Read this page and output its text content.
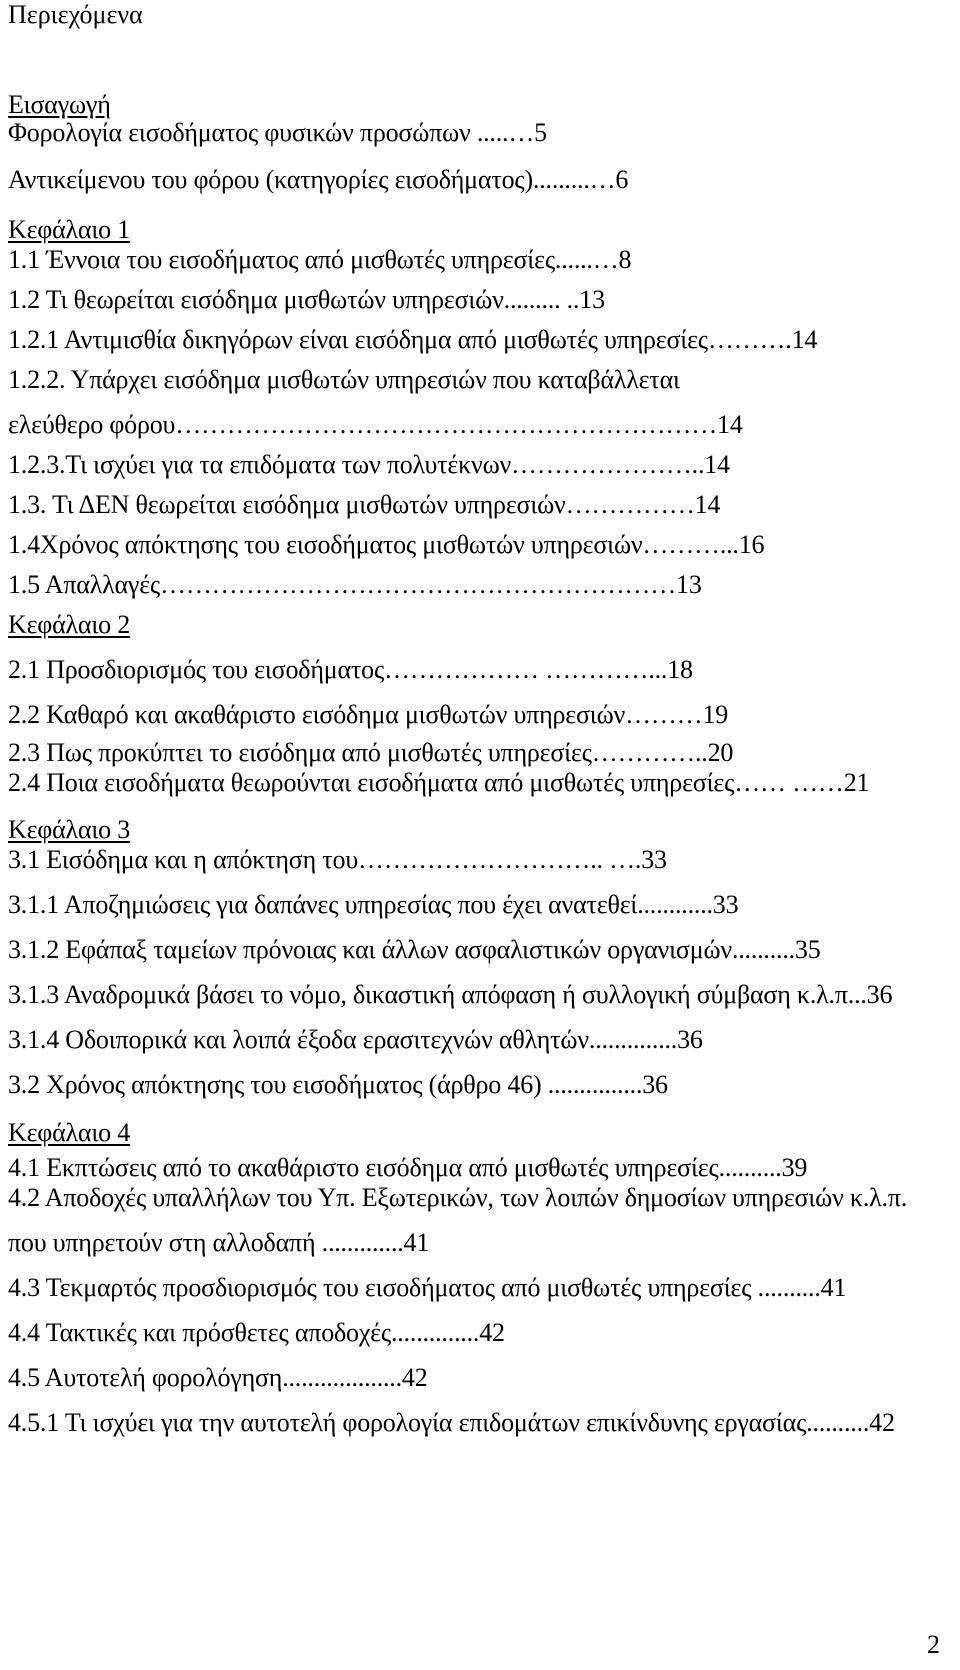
Περιεχόμενα
Εισαγωγή
Φορολογία εισοδήματος φυσικών προσώπων .....…5
Αντικείμενου του φόρου (κατηγορίες εισοδήματος).........…6
Κεφάλαιο 1
1.1 Έννοια του εισοδήματος από μισθωτές υπηρεσίες......…8
1.2 Τι θεωρείται εισόδημα μισθωτών υπηρεσιών......... ..13
1.2.1 Αντιμισθία δικηγόρων είναι εισόδημα από μισθωτές υπηρεσίες……….14
1.2.2. Υπάρχει εισόδημα μισθωτών υπηρεσιών που καταβάλλεται
ελεύθερο φόρου………………………………………………………14
1.2.3.Τι ισχύει για τα επιδόματα των πολυτέκνων…………………..14
1.3. Τι ΔΕΝ θεωρείται εισόδημα μισθωτών υπηρεσιών……………14
1.4Χρόνος απόκτησης του εισοδήματος μισθωτών υπηρεσιών………...16
1.5 Απαλλαγές……………………………………………………13
Κεφάλαιο 2
2.1 Προσδιορισμός του εισοδήματος……………… …………...18
2.2 Καθαρό και ακαθάριστο εισόδημα μισθωτών υπηρεσιών………19
2.3 Πως προκύπτει το εισόδημα από μισθωτές υπηρεσίες…………..20
2.4 Ποια εισοδήματα θεωρούνται εισοδήματα από μισθωτές υπηρεσίες…… ……21
Κεφάλαιο 3
3.1 Εισόδημα και η απόκτηση του……………………….. ….33
3.1.1 Αποζημιώσεις για δαπάνες υπηρεσίας που έχει ανατεθεί............33
3.1.2 Εφάπαξ ταμείων πρόνοιας και άλλων ασφαλιστικών οργανισμών..........35
3.1.3 Αναδρομικά βάσει το νόμο, δικαστική απόφαση ή συλλογική σύμβαση κ.λ.π...36
3.1.4 Οδοιπορικά και λοιπά έξοδα ερασιτεχνών αθλητών..............36
3.2 Χρόνος απόκτησης του εισοδήματος (άρθρο 46) ...............36
Κεφάλαιο 4
4.1 Εκπτώσεις από το ακαθάριστο εισόδημα από μισθωτές υπηρεσίες..........39
4.2 Αποδοχές υπαλλήλων του Υπ. Εξωτερικών, των λοιπών δημοσίων υπηρεσιών κ.λ.π.
που υπηρετούν στη αλλοδαπή .............41
4.3 Τεκμαρτός προσδιορισμός του εισοδήματος από μισθωτές υπηρεσίες ..........41
4.4 Τακτικές και πρόσθετες αποδοχές..............42
4.5 Αυτοτελή φορολόγηση...................42
4.5.1 Τι ισχύει για την αυτοτελή φορολογία επιδομάτων επικίνδυνης εργασίας..........42
2
